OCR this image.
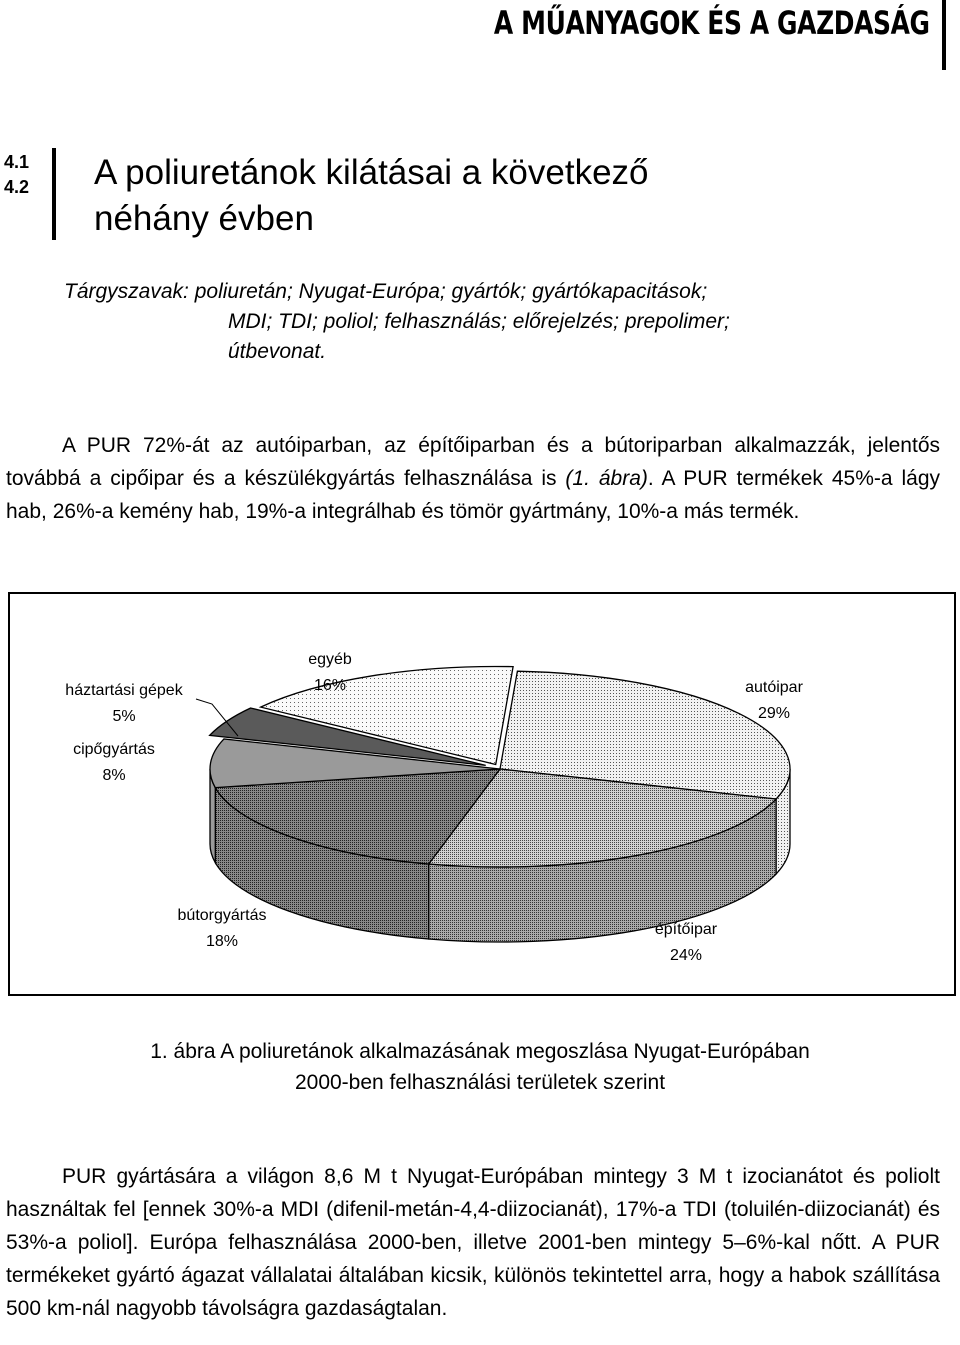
A MŰANYAGOK ÉS A GAZDASÁG
4.1
4.2 A poliuretánok kilátásai a következő
néhány évben
Tárgyszavak: poliuretán; Nyugat-Európa; gyártók; gyártókapacitások;
MDI; TDI; poliol; felhasználás; előrejelzés; prepolimer;
útbevonat.
A PUR 72%-át az autóiparban, az építőiparban és a bútoriparban alkalmazzák, jelentős továbbá a cipőipar és a készülékgyártás felhasználása is (1. ábra). A PUR termékek 45%-a lágy hab, 26%-a kemény hab, 19%-a integrálhab és tömör gyártmány, 10%-a más termék.
autóipar
29%
építőipar
24%
bútorgyártás
18%
cipőgyártás
8%
háztartási gépek
5%
egyéb
16%
1. ábra A poliuretánok alkalmazásának megoszlása Nyugat-Európában
2000-ben felhasználási területek szerint
PUR gyártására a világon 8,6 M t Nyugat-Európában mintegy 3 M t izocianátot és poliolt használtak fel [ennek 30%-a MDI (difenil-metán-4,4-diizocianát), 17%-a TDI (toluilén-diizocianát) és 53%-a poliol]. Európa felhasználása 2000-ben, illetve 2001-ben mintegy 5–6%-kal nőtt. A PUR termékeket gyártó ágazat vállalatai általában kicsik, különös tekintettel arra, hogy a habok szállítása 500 km-nál nagyobb távolságra gazdaságtalan.
